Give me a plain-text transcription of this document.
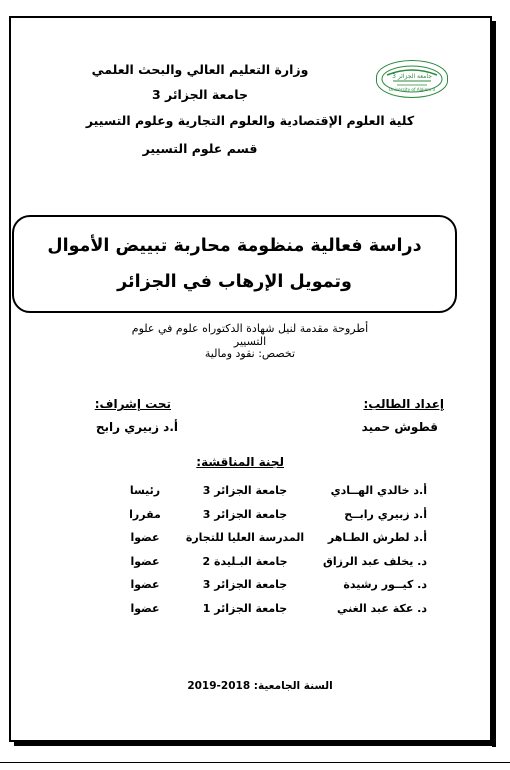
وزارة التعليم العالي والبحث العلمي
جامعة الجزائر 3
كلية العلوم الإقتصادية والعلوم التجارية وعلوم التسيير
قسم علوم التسيير
جامعة الجزائر 3
University of Algiers 3
دراسة فعالية منظومة محاربة تبييض الأموال
وتمويل الإرهاب في الجزائر
أطروحة مقدمة لنيل شهادة الدكتوراه علوم في علوم التسيير
تخصص: نقود ومالية
إعداد الطالب:
قطوش حميد
تحت إشراف:
أ.د زبيري رابح
لجنة المناقشة:
أ.د خالدي الهــادي	جامعة الجزائر 3	رئيسا
أ.د زبيري رابــح	جامعة الجزائر 3	مقررا
أ.د لطرش الطـاهر	المدرسة العليا للتجارة	عضوا
د. يخلف عبد الرزاق	جامعة البـليدة 2	عضوا
د. كيــور رشيدة	جامعة الجزائر 3	عضوا
د. عكة عبد الغني	جامعة الجزائر 1	عضوا
السنة الجامعية: 2018-2019
